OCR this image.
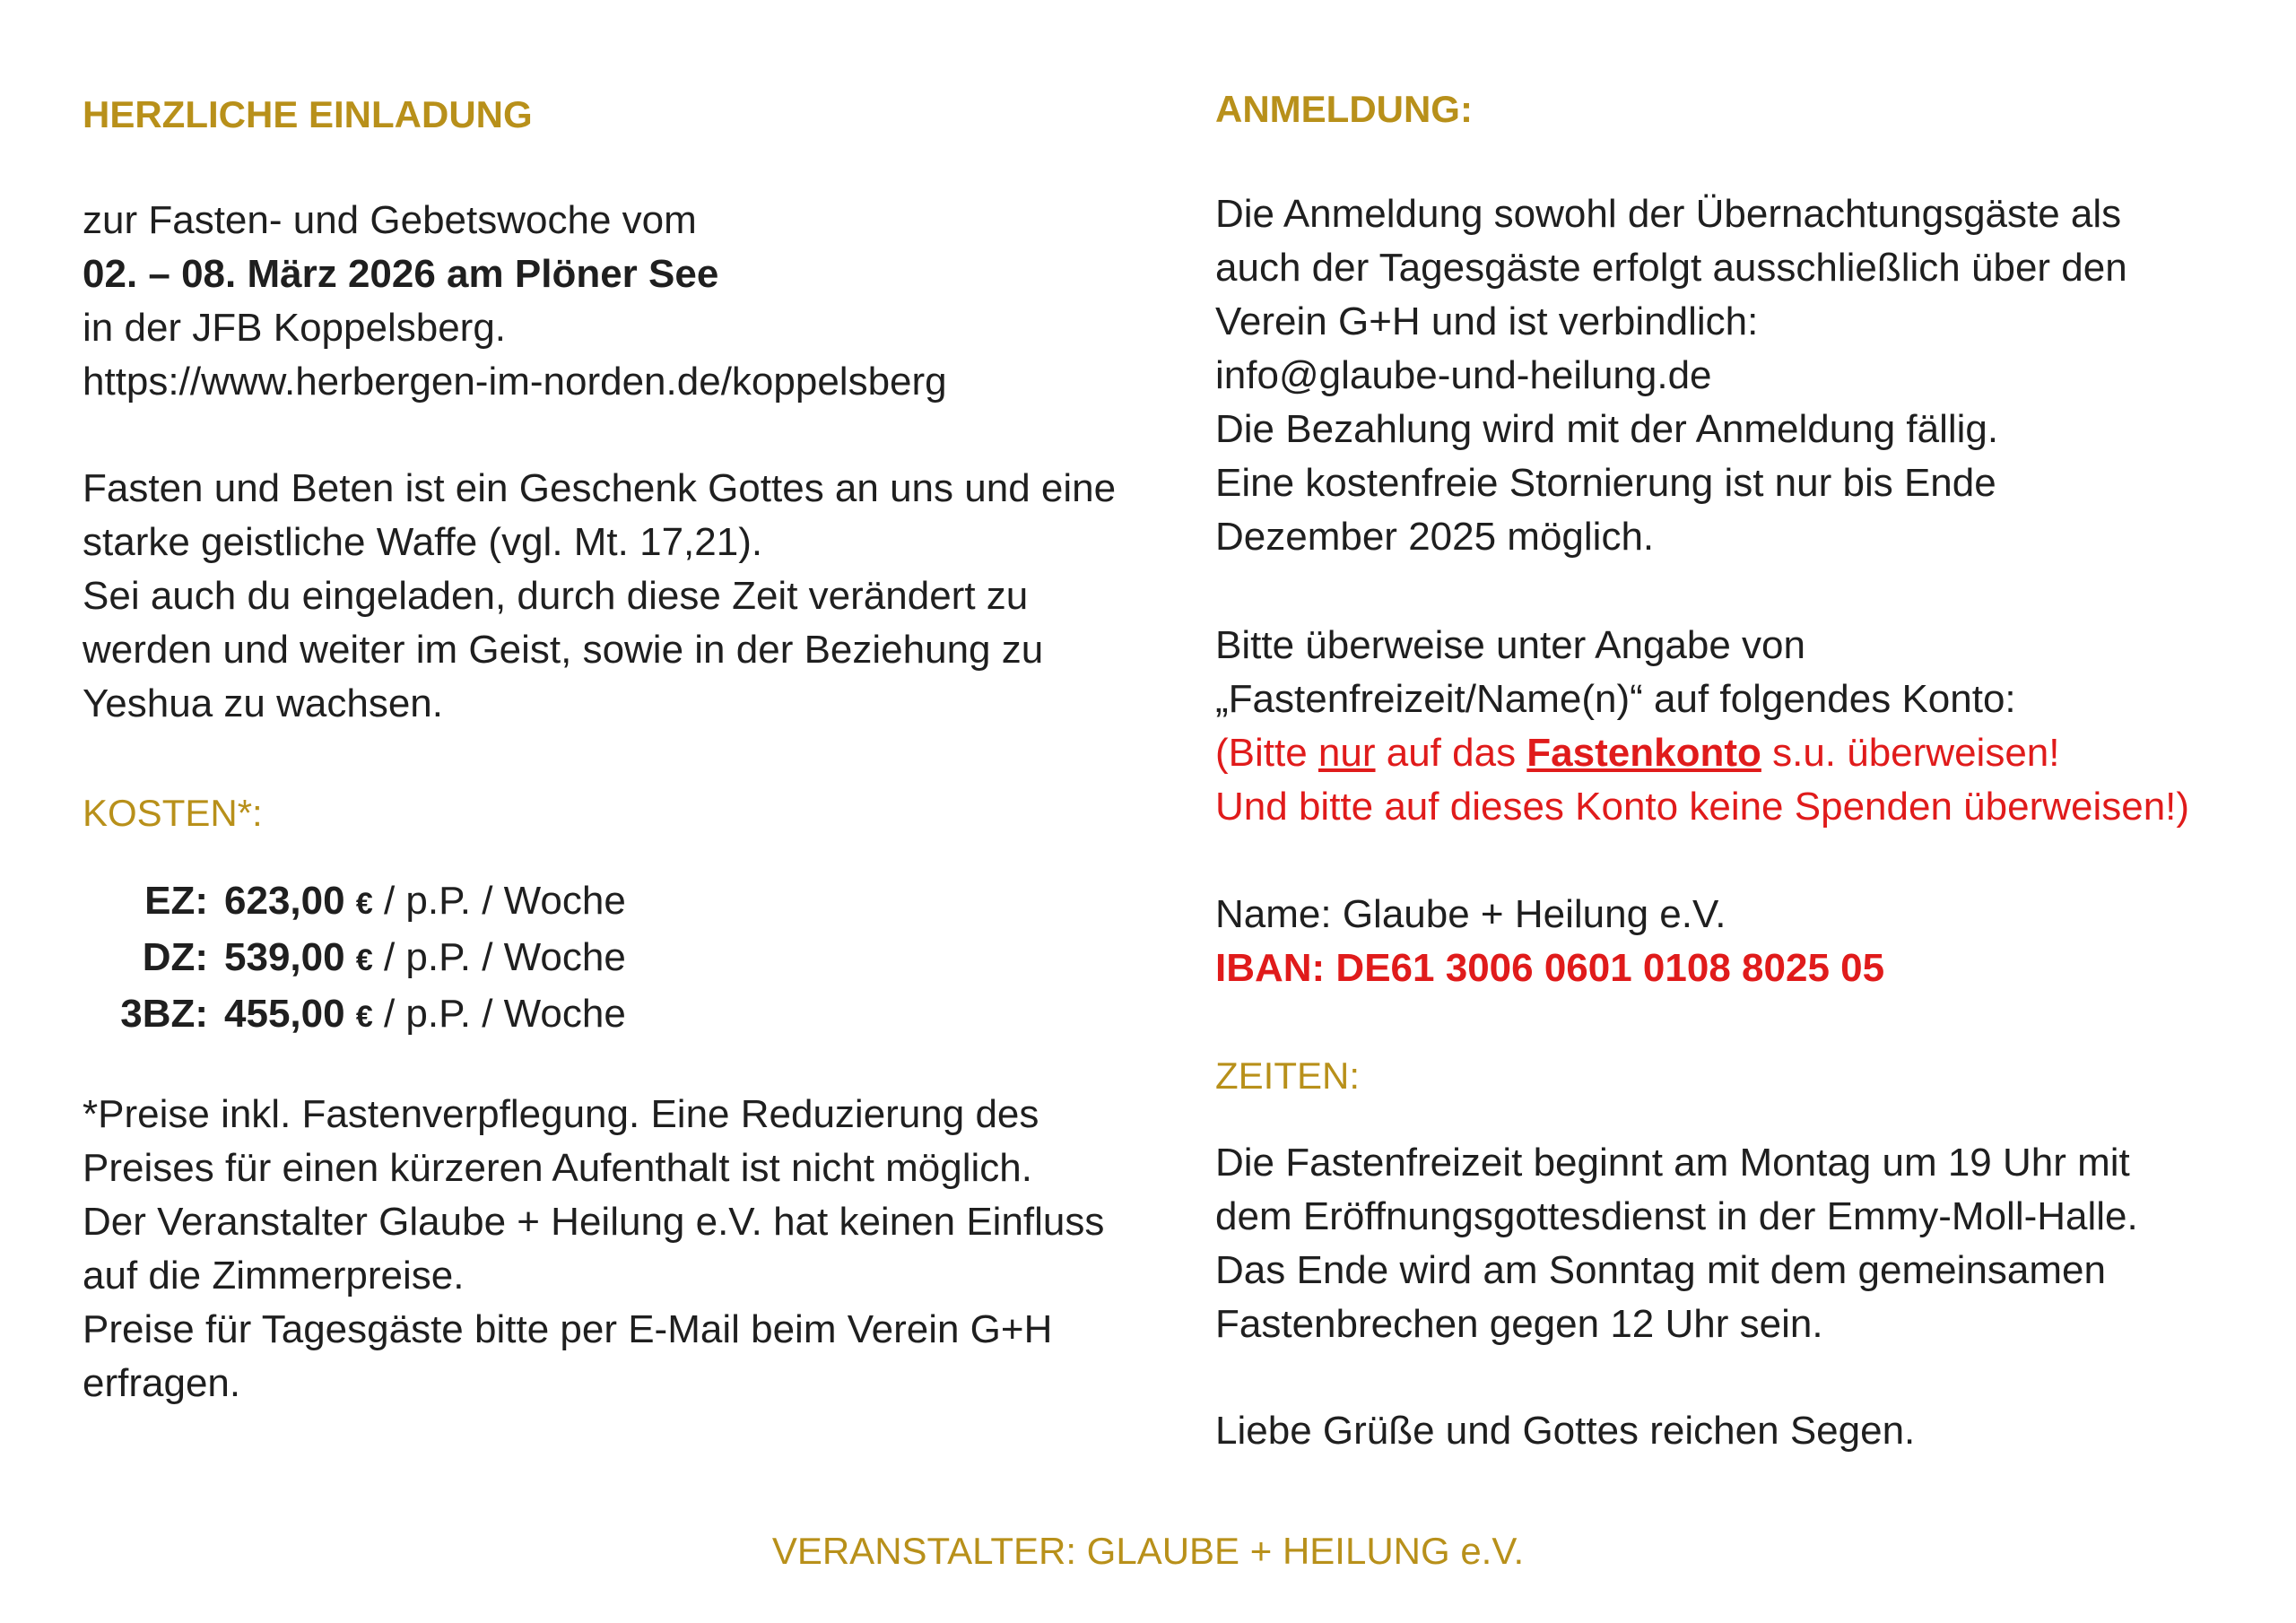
HERZLICHE EINLADUNG
zur Fasten- und Gebetswoche vom
02. – 08. März 2026 am Plöner See
in der JFB Koppelsberg.
https://www.herbergen-im-norden.de/koppelsberg
Fasten und Beten ist ein Geschenk Gottes an uns und eine
starke geistliche Waffe (vgl. Mt. 17,21).
Sei auch du eingeladen, durch diese Zeit verändert zu
werden und weiter im Geist, sowie in der Beziehung zu
Yeshua zu wachsen.
KOSTEN*:
EZ: 623,00 € / p.P. / Woche
DZ: 539,00 € / p.P. / Woche
3BZ: 455,00 € / p.P. / Woche
*Preise inkl. Fastenverpflegung. Eine Reduzierung des
Preises für einen kürzeren Aufenthalt ist nicht möglich.
Der Veranstalter Glaube + Heilung e.V. hat keinen Einfluss
auf die Zimmerpreise.
Preise für Tagesgäste bitte per E-Mail beim Verein G+H
erfragen.
ANMELDUNG:
Die Anmeldung sowohl der Übernachtungsgäste als
auch der Tagesgäste erfolgt ausschließlich über den
Verein G+H und ist verbindlich:
info@glaube-und-heilung.de
Die Bezahlung wird mit der Anmeldung fällig.
Eine kostenfreie Stornierung ist nur bis Ende
Dezember 2025 möglich.
Bitte überweise unter Angabe von
„Fastenfreizeit/Name(n)“ auf folgendes Konto:
(Bitte nur auf das Fastenkonto s.u. überweisen!
Und bitte auf dieses Konto keine Spenden überweisen!)
Name: Glaube + Heilung e.V.
IBAN: DE61 3006 0601 0108 8025 05
ZEITEN:
Die Fastenfreizeit beginnt am Montag um 19 Uhr mit
dem Eröffnungsgottesdienst in der Emmy-Moll-Halle.
Das Ende wird am Sonntag mit dem gemeinsamen
Fastenbrechen gegen 12 Uhr sein.
Liebe Grüße und Gottes reichen Segen.
VERANSTALTER: GLAUBE + HEILUNG e.V.
